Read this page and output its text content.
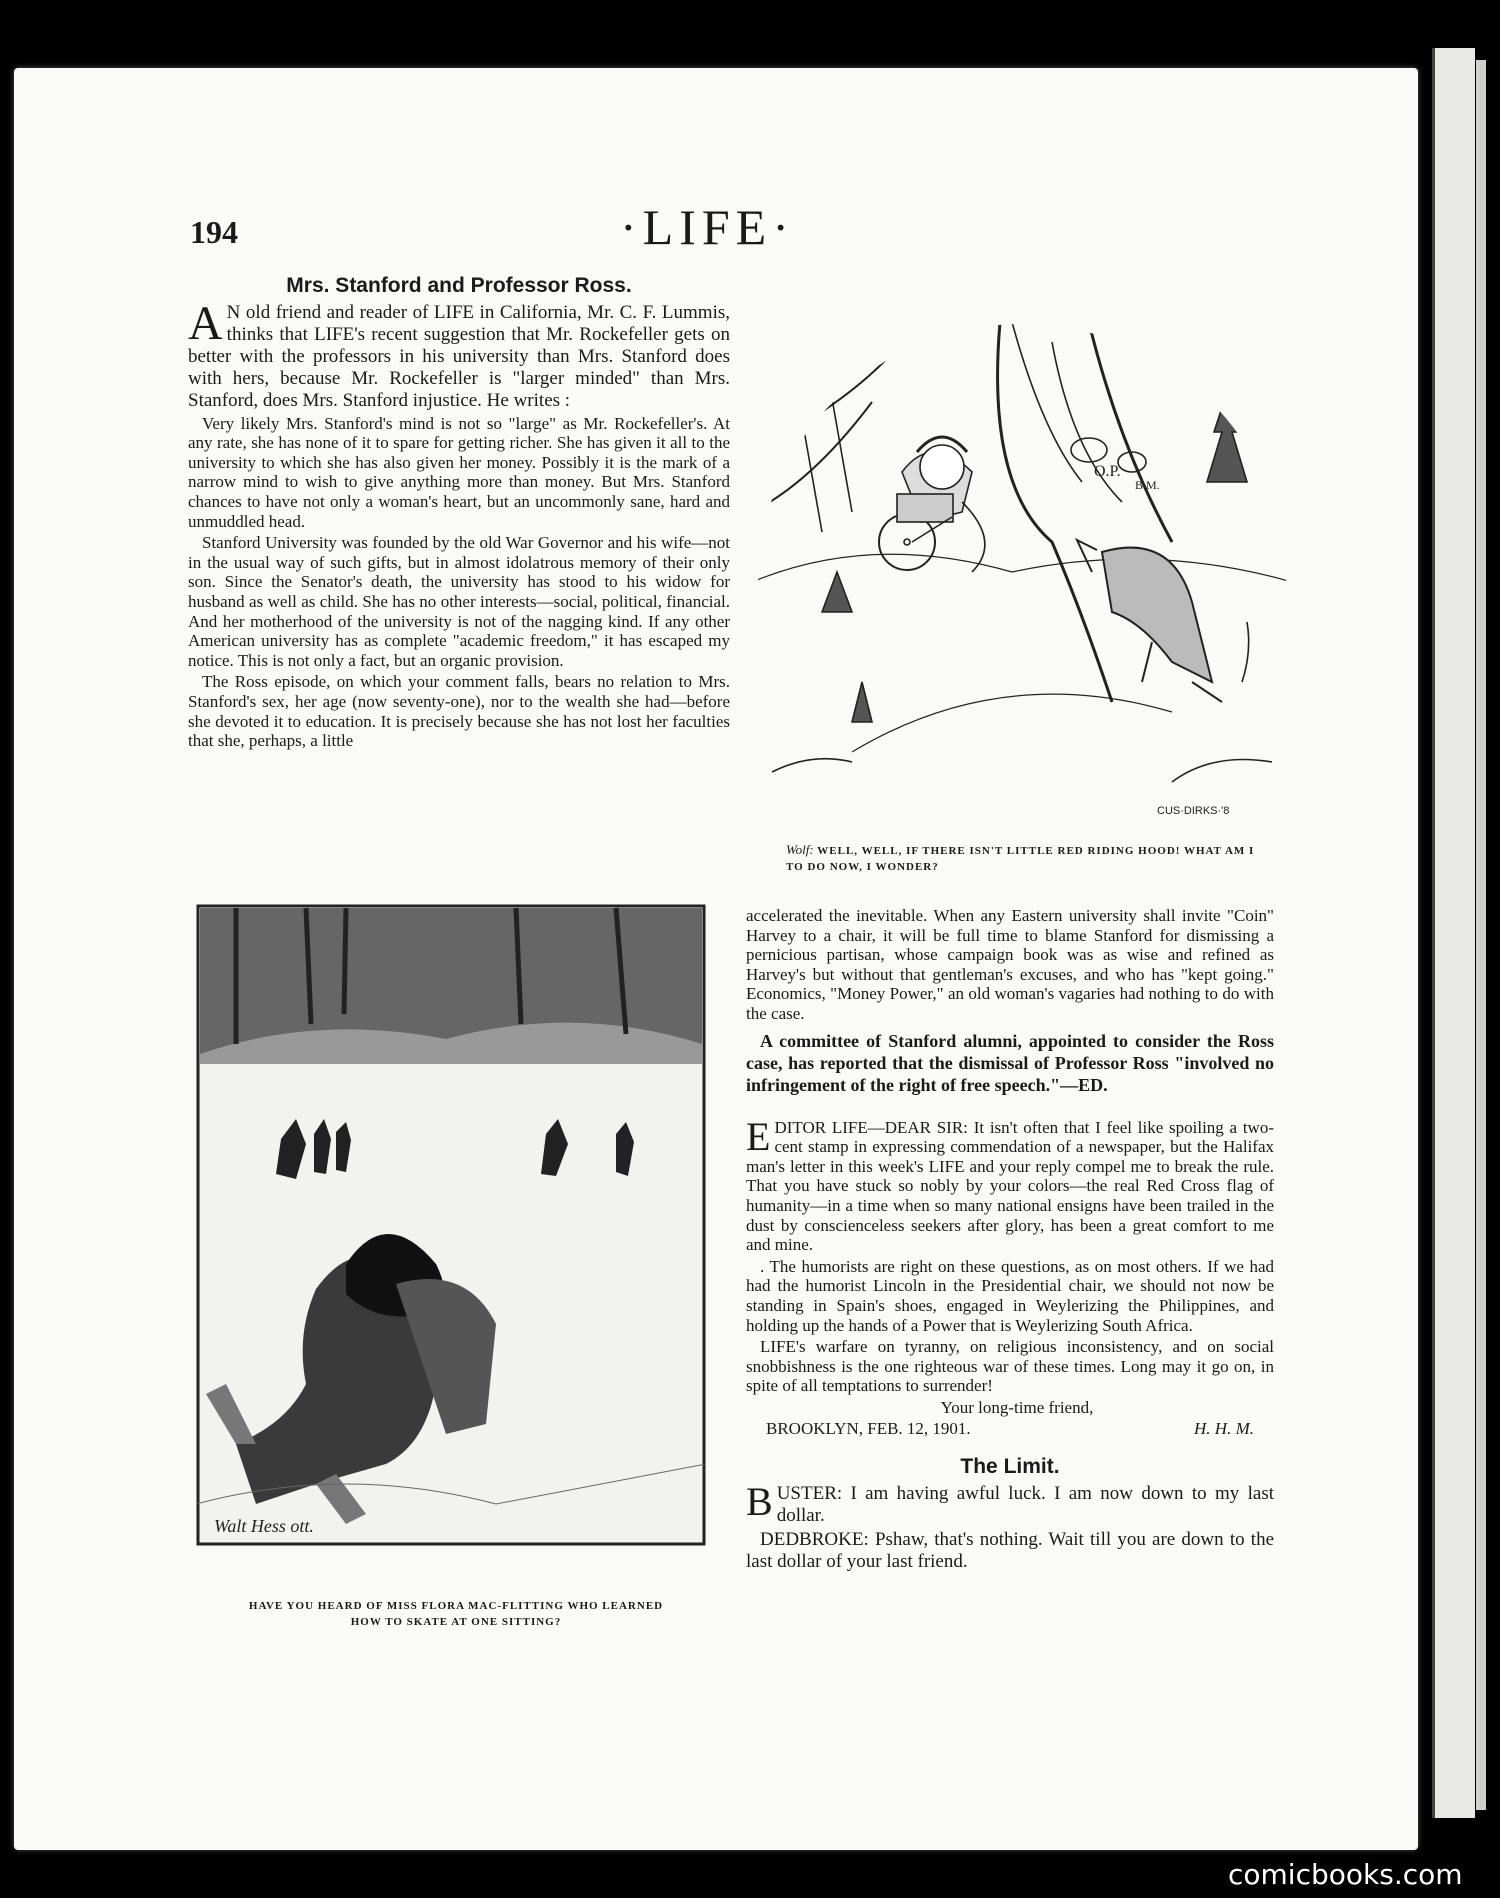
194	·LIFE·
Mrs. Stanford and Professor Ross.
A N old friend and reader of LIFE in California, Mr. C. F. Lummis, thinks that LIFE's recent suggestion that Mr. Rockefeller gets on better with the professors in his university than Mrs. Stanford does with hers, because Mr. Rockefeller is "larger minded" than Mrs. Stanford, does Mrs. Stanford injustice. He writes :

Very likely Mrs. Stanford's mind is not so "large" as Mr. Rockefeller's. At any rate, she has none of it to spare for getting richer. She has given it all to the university to which she has also given her money. Possibly it is the mark of a narrow mind to wish to give anything more than money. But Mrs. Stanford chances to have not only a woman's heart, but an uncommonly sane, hard and unmuddled head.

Stanford University was founded by the old War Governor and his wife—not in the usual way of such gifts, but in almost idolatrous memory of their only son. Since the Senator's death, the university has stood to his widow for husband as well as child. She has no other interests—social, political, financial. And her motherhood of the university is not of the nagging kind. If any other American university has as complete "academic freedom," it has escaped my notice. This is not only a fact, but an organic provision.

The Ross episode, on which your comment falls, bears no relation to Mrs. Stanford's sex, her age (now seventy-one), nor to the wealth she had—before she devoted it to education. It is precisely because she has not lost her faculties that she, perhaps, a little

O.P.
B.M.
CUS·DIRKS·'8
Wolf: WELL, WELL, IF THERE ISN'T LITTLE RED RIDING HOOD! WHAT AM I TO DO NOW, I WONDER?
Walt Hess ott.
HAVE YOU HEARD OF MISS FLORA MAC-FLITTING WHO LEARNED HOW TO SKATE AT ONE SITTING?

accelerated the inevitable. When any Eastern university shall invite "Coin" Harvey to a chair, it will be full time to blame Stanford for dismissing a pernicious partisan, whose campaign book was as wise and refined as Harvey's but without that gentleman's excuses, and who has "kept going." Economics, "Money Power," an old woman's vagaries had nothing to do with the case.

A committee of Stanford alumni, appointed to consider the Ross case, has reported that the dismissal of Professor Ross "involved no infringement of the right of free speech."—ED.

E DITOR LIFE—DEAR SIR: It isn't often that I feel like spoiling a two-cent stamp in expressing commendation of a newspaper, but the Halifax man's letter in this week's LIFE and your reply compel me to break the rule. That you have stuck so nobly by your colors—the real Red Cross flag of humanity—in a time when so many national ensigns have been trailed in the dust by conscienceless seekers after glory, has been a great comfort to me and mine.

. The humorists are right on these questions, as on most others. If we had had the humorist Lincoln in the Presidential chair, we should not now be standing in Spain's shoes, engaged in Weylerizing the Philippines, and holding up the hands of a Power that is Weylerizing South Africa.

LIFE's warfare on tyranny, on religious inconsistency, and on social snobbishness is the one righteous war of these times. Long may it go on, in spite of all temptations to surrender!

Your long-time friend,

BROOKLYN, FEB. 12, 1901.	H. H. M.
The Limit.
B USTER: I am having awful luck. I am now down to my last dollar.

DEDBROKE: Pshaw, that's nothing. Wait till you are down to the last dollar of your last friend.

comicbooks.com
